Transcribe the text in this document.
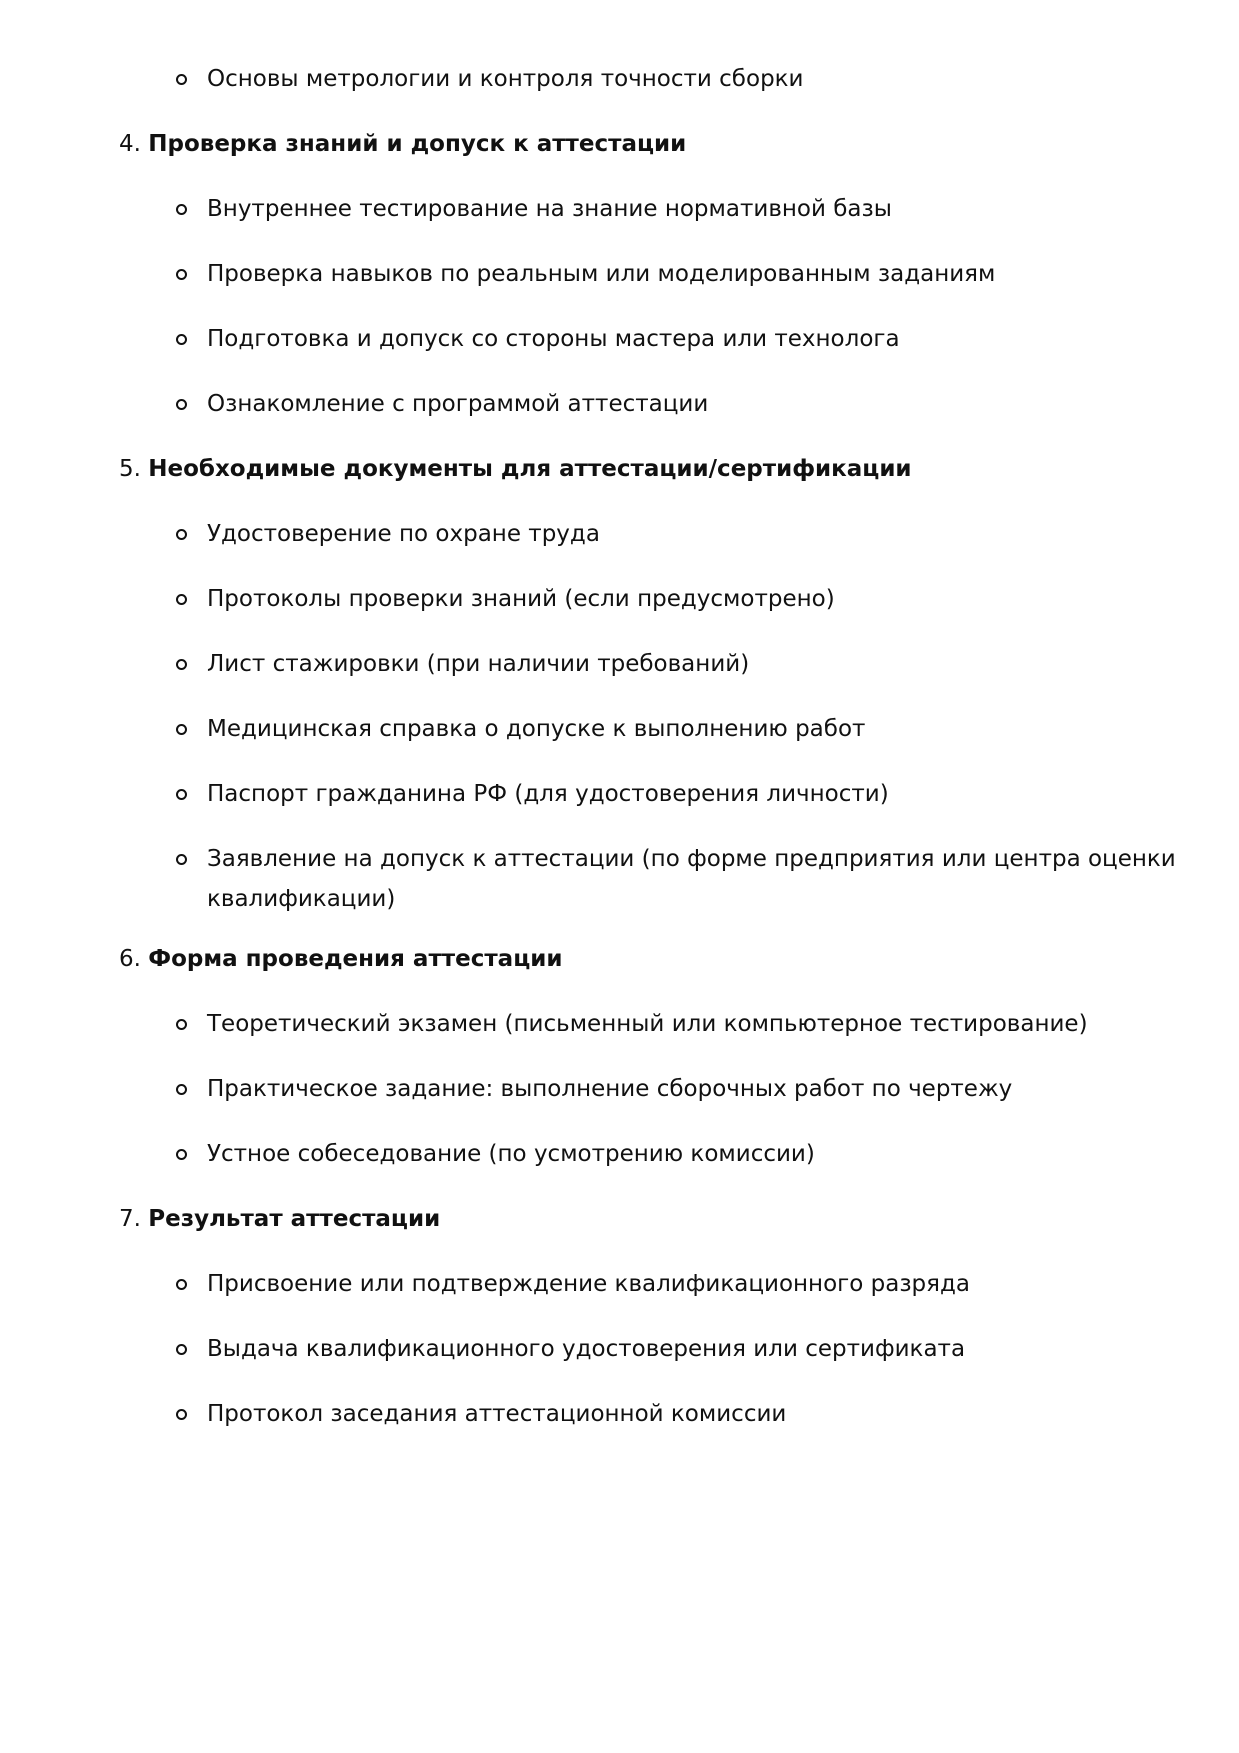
Основы метрологии и контроля точности сборки
4. Проверка знаний и допуск к аттестации
Внутреннее тестирование на знание нормативной базы
Проверка навыков по реальным или моделированным заданиям
Подготовка и допуск со стороны мастера или технолога
Ознакомление с программой аттестации
5. Необходимые документы для аттестации/сертификации
Удостоверение по охране труда
Протоколы проверки знаний (если предусмотрено)
Лист стажировки (при наличии требований)
Медицинская справка о допуске к выполнению работ
Паспорт гражданина РФ (для удостоверения личности)
Заявление на допуск к аттестации (по форме предприятия или центра оценки
квалификации)
6. Форма проведения аттестации
Теоретический экзамен (письменный или компьютерное тестирование)
Практическое задание: выполнение сборочных работ по чертежу
Устное собеседование (по усмотрению комиссии)
7. Результат аттестации
Присвоение или подтверждение квалификационного разряда
Выдача квалификационного удостоверения или сертификата
Протокол заседания аттестационной комиссии
